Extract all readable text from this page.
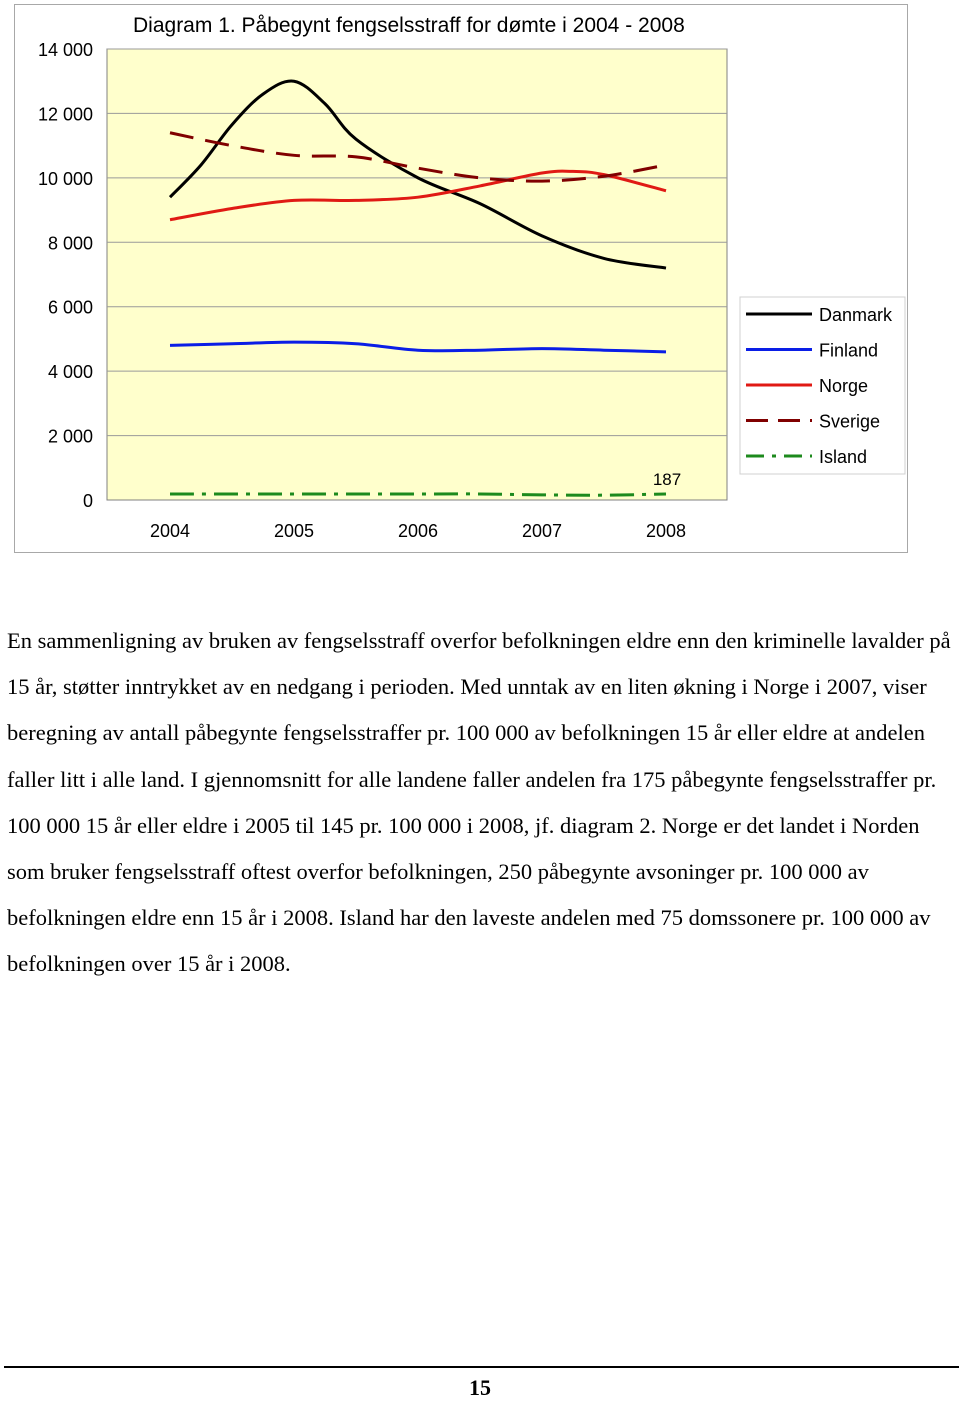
0
2 000
4 000
6 000
8 000
10 000
12 000
14 000
2004	2005	2006	2007	2008
187
Danmark
Finland
Norge
Sverige
Island
Diagram 1. Påbegynt fengselsstraff for dømte i 2004 - 2008

En sammenligning av bruken av fengselsstraff overfor befolkningen eldre enn den kriminelle lavalder på 15 år, støtter inntrykket av en nedgang i perioden. Med unntak av en liten økning i Norge i 2007, viser beregning av antall påbegynte fengselsstraffer pr. 100 000 av befolkningen 15 år eller eldre at andelen faller litt i alle land. I gjennomsnitt for alle landene faller andelen fra 175 påbegynte fengselsstraffer pr. 100 000 15 år eller eldre i 2005 til 145 pr. 100 000 i 2008, jf. diagram 2. Norge er det landet i Norden som bruker fengselsstraff oftest overfor befolkningen, 250 påbegynte avsoninger pr. 100 000 av befolkningen eldre enn 15 år i 2008. Island har den laveste andelen med 75 domssonere pr. 100 000 av befolkningen over 15 år i 2008.

15
